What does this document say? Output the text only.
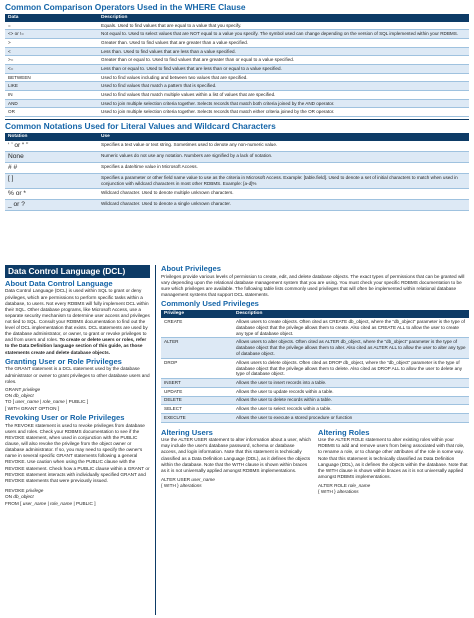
Common Comparison Operators Used in the WHERE Clause
Data	Description
=	Equals. Used to find values that are equal to a value that you specify.
<> or !=	Not equal to. Used to select values that are NOT equal to a value you specify. The symbol used can change depending on the version of SQL implemented within your RDBMS.
>	Greater than. Used to find values that are greater than a value specified.
<	Less than. Used to find values that are less than a value specified.
>=	Greater than or equal to. Used to find values that are greater than or equal to a value specified.
<=	Less than or equal to. Used to find values that are less than or equal to a value specified.
BETWEEN	Used to find values including and between two values that are specified.
LIKE	Used to find values that match a pattern that is specified.
IN	Used to find values that match multiple values within a list of values that are specified.
AND	Used to join multiple selection criteria together. Selects records that match both criteria joined by the AND operator.
OR	Used to join multiple selection criteria together. Selects records that match either criteria joined by the OR operator.
Common Notations Used for Literal Values and Wildcard Characters
Notation	Use
‘ ’ or “ ”	Specifies a text value or text string. Sometimes used to denote any non-numeric value.
None	Numeric values do not use any notation. Numbers are signified by a lack of notation.
# #	Specifies a date/time value in Microsoft Access.
[ ]	Specifies a parameter or other field name value to use as the criteria in Microsoft Access. Example: [table.field]. Used to denote a set of initial characters to match when used in conjunction with wildcard characters in most other RDBMS. Example: [a-d]%
% or *	Wildcard character. Used to denote multiple unknown characters.
_ or ?	Wildcard character. Used to denote a single unknown character.
Data Control Language (DCL)
About Data Control Language

Data Control Language (DCL) is used within SQL to grant or deny privileges, which are permissions to perform specific tasks within a database, to users. Not every RDBMS will fully implement DCL within their SQL. Other database programs, like Microsoft Access, use a separate security mechanism to determine user access and privileges not tied to SQL. Consult your RDBMS documentation to find out the level of DCL implementation that exists. DCL statements are used by the database administrator, or owner, to grant or revoke privileges to and from users and roles. To create or delete users or roles, refer to the Data Definition language section of this guide, as those statements create and delete database objects.

Granting User or Role Privileges

The GRANT statement is a DCL statement used by the database administrator or owner to grant privileges to other database users and roles.

GRANT privilege
ON db_object
TO [ user_name | role_name | PUBLIC ]
[ WITH GRANT OPTION ]
Revoking User or Role Privileges

The REVOKE statement is used to revoke privileges from database users and roles. Check your RDBMS documentation to see if the REVOKE statement, when used in conjunction with the PUBLIC clause, will also revoke the privilege from the object owner or database administrator. If so, you may need to specify the owner's name in several specific GRANT statements following a general REVOKE. Use caution when using the PUBLIC clause with the REVOKE statement. Check how a PUBLIC clause within a GRANT or REVOKE statement interacts with individually specified GRANT and REVOKE statements that were previously issued.

REVOKE privilege
ON db_object
FROM [ user_name | role_name | PUBLIC ]
About Privileges

Privileges provide various levels of permission to create, edit, and delete database objects. The exact types of permissions that can be granted will vary depending upon the relational database management system that you are using. You must check your specific RDBMS documentation to be sure which privileges are available. The following table lists commonly used privileges that will often be implemented within relational database management systems that support DCL statements.

Commonly Used Privileges
Privilege	Description
CREATE	Allows users to create objects. Often cited as CREATE db_object, where the “db_object” parameter is the type of database object that the privilege allows them to create. Also cited as CREATE ALL to allow the user to create any type of database object.
ALTER	Allows users to alter objects. Often cited as ALTER db_object, where the “db_object” parameter is the type of database object that the privilege allows them to alter. Also cited as ALTER ALL to allow the user to alter any type of database object.
DROP	Allows users to delete objects. Often cited as DROP db_object, where the “db_object” parameter is the type of database object that the privilege allows them to delete. Also cited as DROP ALL to allow the user to delete any type of database object.
INSERT	Allows the user to insert records into a table.
UPDATE	Allows the user to update records within a table.
DELETE	Allows the user to delete records within a table.
SELECT	Allows the user to select records within a table.
EXECUTE	Allows the user to execute a stored procedure or function
Altering Users

Use the ALTER USER statement to alter information about a user, which may include the user's database password, schema or database access, and login information. Note that this statement is technically classified as a Data Definition Language (DDL), as it defines the objects within the database. Note that the WITH clause is shown within braces as it is not universally applied amongst RDBMS implementations.

ALTER USER user_name
{ WITH } alterations
Altering Roles

Use the ALTER ROLE statement to alter existing roles within your RDBMS to add and remove users from being associated with that role, to rename a role, or to change other attributes of the role in some way. Note that this statement is technically classified as Data Definition Language (DDL), as it defines the objects within the database. Note that the WITH clause is shown within braces as it is not universally applied amongst RDBMS implementations.

ALTER ROLE role_name
{ WITH } alterations
